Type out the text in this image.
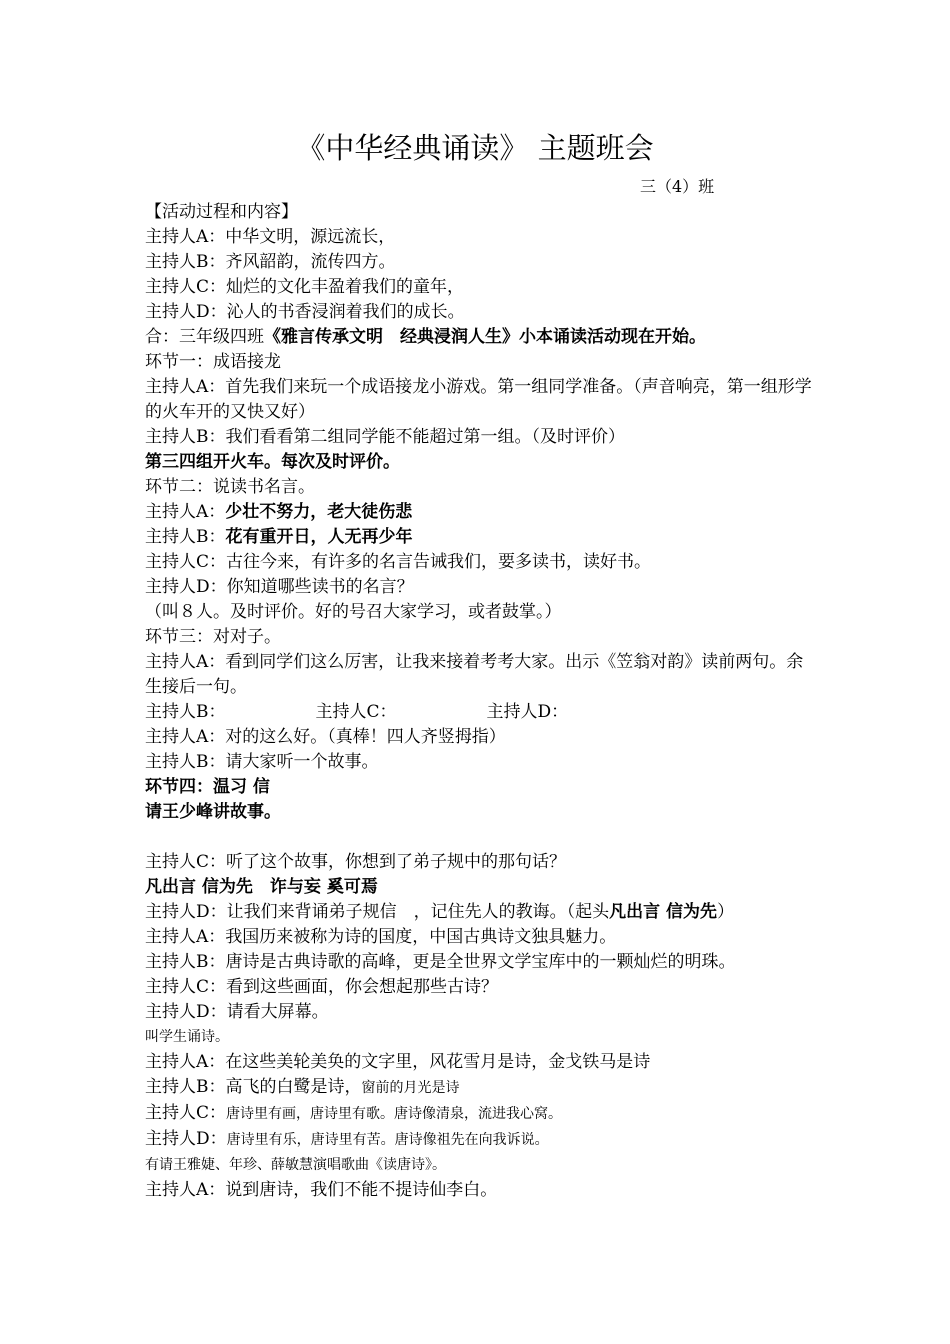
《中华经典诵读》 主题班会
三（4）班
【活动过程和内容】
主持人A：中华文明，源远流长，
主持人B：齐风韶韵，流传四方。
主持人C：灿烂的文化丰盈着我们的童年，
主持人D：沁人的书香浸润着我们的成长。
合：三年级四班《雅言传承文明　经典浸润人生》小本诵读活动现在开始。
环节一：成语接龙
主持人A：首先我们来玩一个成语接龙小游戏。第一组同学准备。（声音响亮，第一组形学的火车开的又快又好）
主持人B：我们看看第二组同学能不能超过第一组。（及时评价）
第三四组开火车。每次及时评价。
环节二：说读书名言。
主持人A：少壮不努力，老大徒伤悲
主持人B：花有重开日，人无再少年
主持人C：古往今来，有许多的名言告诫我们，要多读书，读好书。
主持人D：你知道哪些读书的名言？
（叫８人。及时评价。好的号召大家学习，或者鼓掌。）
环节三：对对子。
主持人A：看到同学们这么厉害，让我来接着考考大家。出示《笠翁对韵》读前两句。余生接后一句。
主持人B：	主持人C：	主持人D：
主持人A：对的这么好。（真棒！四人齐竖拇指）
主持人B：请大家听一个故事。
环节四：温习 信
请王少峰讲故事。
主持人C：听了这个故事，你想到了弟子规中的那句话？
凡出言 信为先　诈与妄 奚可焉
主持人D：让我们来背诵弟子规信　，记住先人的教诲。（起头凡出言 信为先）
主持人A：我国历来被称为诗的国度，中国古典诗文独具魅力。
主持人B：唐诗是古典诗歌的高峰，更是全世界文学宝库中的一颗灿烂的明珠。
主持人C：看到这些画面，你会想起那些古诗？
主持人D：请看大屏幕。
叫学生诵诗。
主持人A：在这些美轮美奂的文字里，风花雪月是诗，金戈铁马是诗
主持人B：高飞的白鹭是诗，窗前的月光是诗
主持人C：唐诗里有画，唐诗里有歌。唐诗像清泉，流进我心窝。
主持人D：唐诗里有乐，唐诗里有苦。唐诗像祖先在向我诉说。
有请王雅婕、年珍、薛敏慧演唱歌曲《读唐诗》。
主持人A：说到唐诗，我们不能不提诗仙李白。
